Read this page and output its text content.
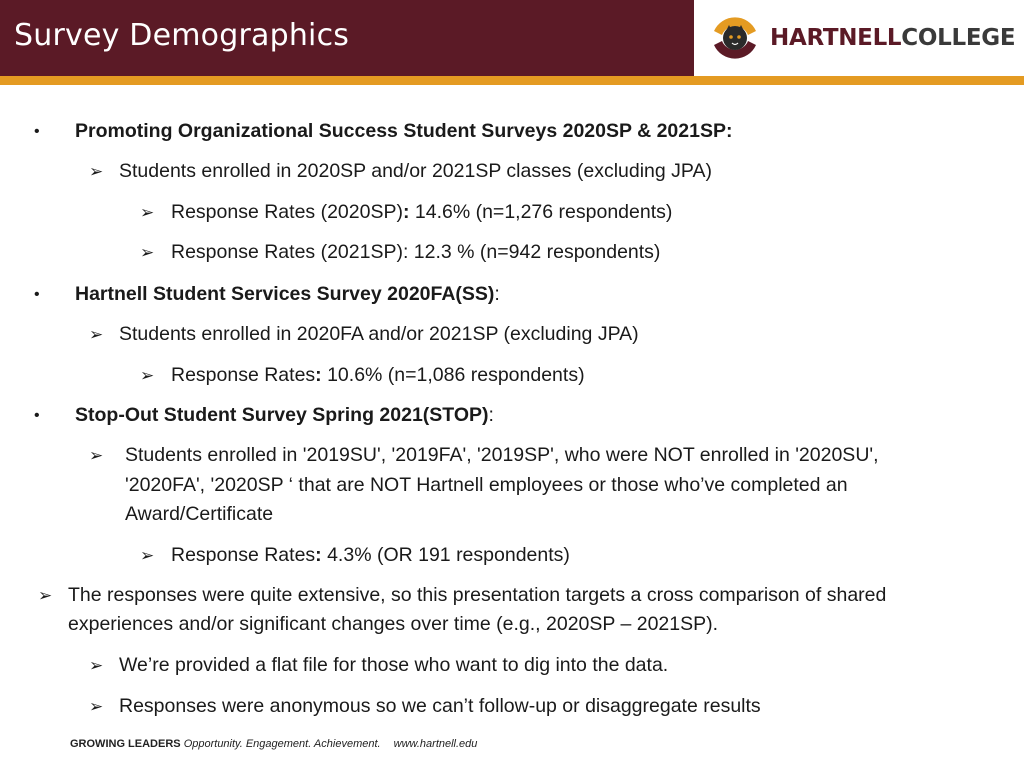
Survey Demographics	HARTNELLCOLLEGE
• Promoting Organizational Success Student Surveys 2020SP & 2021SP:
➢ Students enrolled in 2020SP and/or 2021SP classes (excluding JPA)
➢ Response Rates (2020SP): 14.6% (n=1,276 respondents)
➢ Response Rates (2021SP): 12.3 % (n=942 respondents)
• Hartnell Student Services Survey 2020FA(SS):
➢ Students enrolled in 2020FA and/or 2021SP (excluding JPA)
➢ Response Rates: 10.6% (n=1,086 respondents)
• Stop-Out Student Survey Spring 2021(STOP):
➢ Students enrolled in '2019SU', '2019FA', '2019SP', who were NOT enrolled in '2020SU',
'2020FA', '2020SP ‘ that are NOT Hartnell employees or those who’ve completed an
Award/Certificate
➢ Response Rates: 4.3% (OR 191 respondents)
➢ The responses were quite extensive, so this presentation targets a cross comparison of shared
experiences and/or significant changes over time (e.g., 2020SP – 2021SP).
➢ We’re provided a flat file for those who want to dig into the data.
➢ Responses were anonymous so we can’t follow-up or disaggregate results
GROWING LEADERS Opportunity. Engagement. Achievement. www.hartnell.edu
